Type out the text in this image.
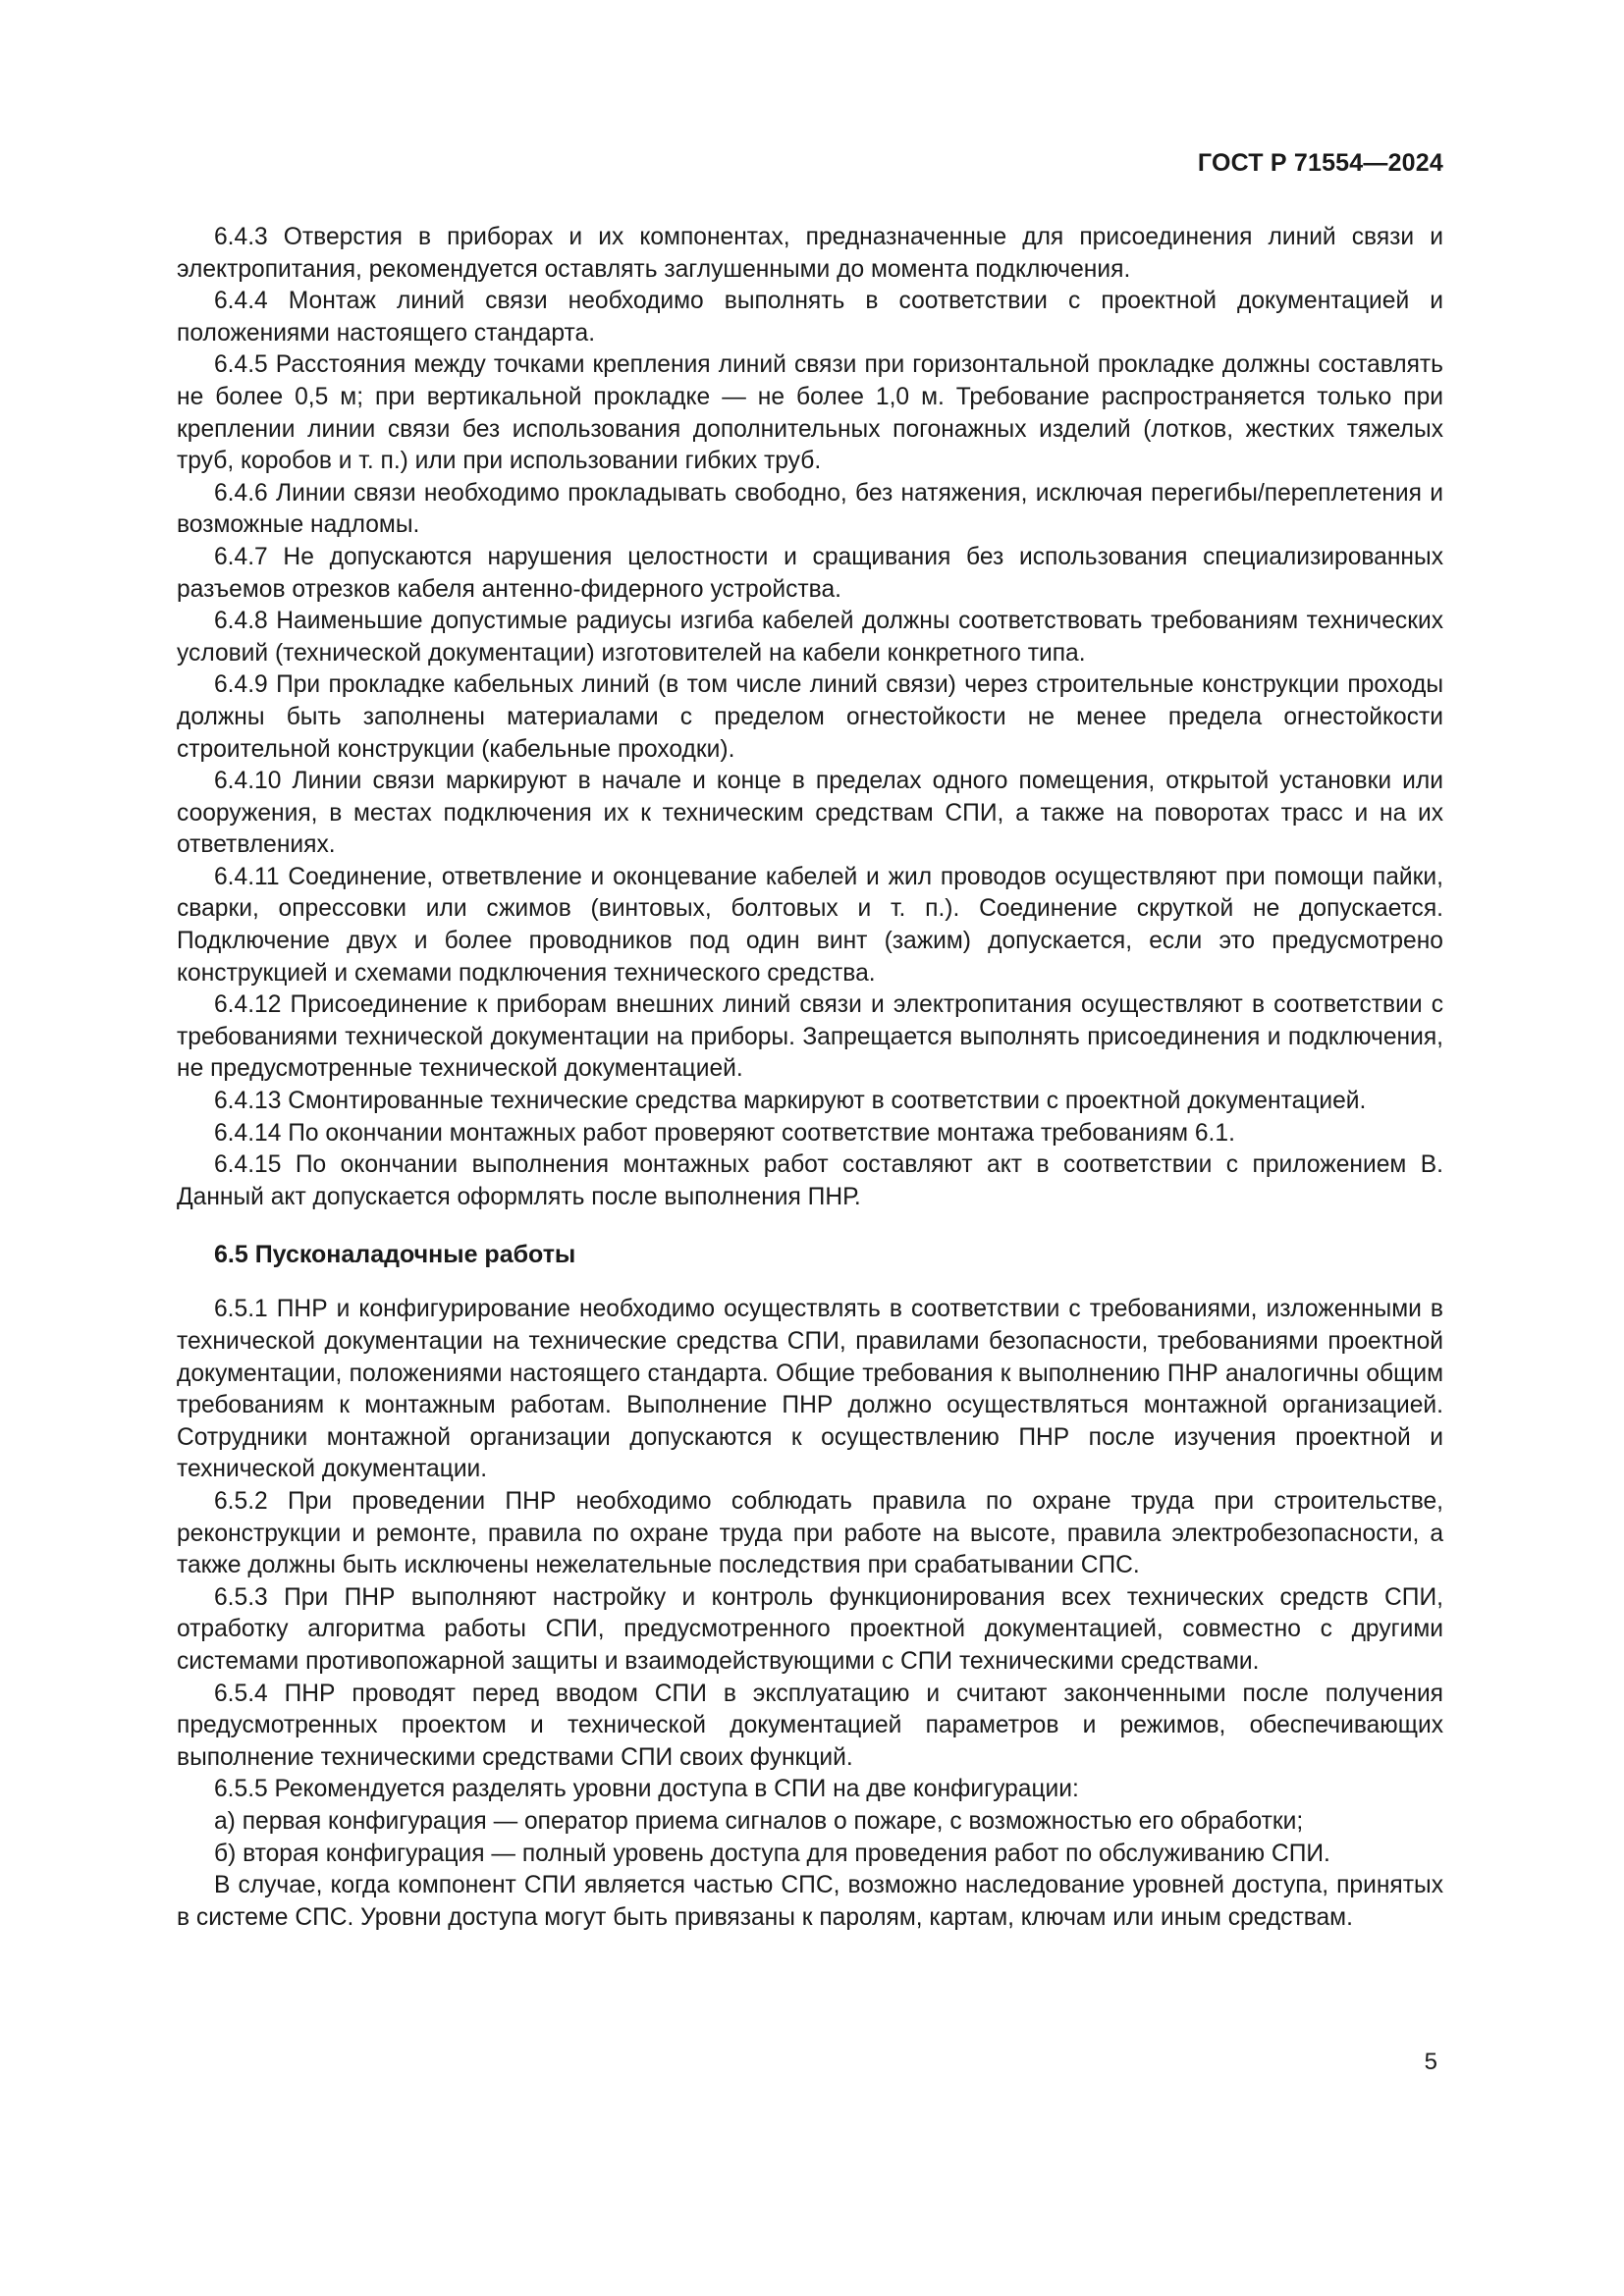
ГОСТ Р 71554—2024

6.4.3 Отверстия в приборах и их компонентах, предназначенные для присоединения линий связи и электропитания, рекомендуется оставлять заглушенными до момента подключения.

6.4.4 Монтаж линий связи необходимо выполнять в соответствии с проектной документацией и положениями настоящего стандарта.

6.4.5 Расстояния между точками крепления линий связи при горизонтальной прокладке должны составлять не более 0,5 м; при вертикальной прокладке — не более 1,0 м. Требование распространяется только при креплении линии связи без использования дополнительных погонажных изделий (лотков, жестких тяжелых труб, коробов и т. п.) или при использовании гибких труб.

6.4.6 Линии связи необходимо прокладывать свободно, без натяжения, исключая перегибы/переплетения и возможные надломы.

6.4.7 Не допускаются нарушения целостности и сращивания без использования специализированных разъемов отрезков кабеля антенно-фидерного устройства.

6.4.8 Наименьшие допустимые радиусы изгиба кабелей должны соответствовать требованиям технических условий (технической документации) изготовителей на кабели конкретного типа.

6.4.9 При прокладке кабельных линий (в том числе линий связи) через строительные конструкции проходы должны быть заполнены материалами с пределом огнестойкости не менее предела огнестойкости строительной конструкции (кабельные проходки).

6.4.10 Линии связи маркируют в начале и конце в пределах одного помещения, открытой установки или сооружения, в местах подключения их к техническим средствам СПИ, а также на поворотах трасс и на их ответвлениях.

6.4.11 Соединение, ответвление и оконцевание кабелей и жил проводов осуществляют при помощи пайки, сварки, опрессовки или сжимов (винтовых, болтовых и т. п.). Соединение скруткой не допускается. Подключение двух и более проводников под один винт (зажим) допускается, если это предусмотрено конструкцией и схемами подключения технического средства.

6.4.12 Присоединение к приборам внешних линий связи и электропитания осуществляют в соответствии с требованиями технической документации на приборы. Запрещается выполнять присоединения и подключения, не предусмотренные технической документацией.

6.4.13 Смонтированные технические средства маркируют в соответствии с проектной документацией.

6.4.14 По окончании монтажных работ проверяют соответствие монтажа требованиям 6.1.

6.4.15 По окончании выполнения монтажных работ составляют акт в соответствии с приложением В. Данный акт допускается оформлять после выполнения ПНР.

6.5 Пусконаладочные работы

6.5.1 ПНР и конфигурирование необходимо осуществлять в соответствии с требованиями, изложенными в технической документации на технические средства СПИ, правилами безопасности, требованиями проектной документации, положениями настоящего стандарта. Общие требования к выполнению ПНР аналогичны общим требованиям к монтажным работам. Выполнение ПНР должно осуществляться монтажной организацией. Сотрудники монтажной организации допускаются к осуществлению ПНР после изучения проектной и технической документации.

6.5.2 При проведении ПНР необходимо соблюдать правила по охране труда при строительстве, реконструкции и ремонте, правила по охране труда при работе на высоте, правила электробезопасности, а также должны быть исключены нежелательные последствия при срабатывании СПС.

6.5.3 При ПНР выполняют настройку и контроль функционирования всех технических средств СПИ, отработку алгоритма работы СПИ, предусмотренного проектной документацией, совместно с другими системами противопожарной защиты и взаимодействующими с СПИ техническими средствами.

6.5.4 ПНР проводят перед вводом СПИ в эксплуатацию и считают законченными после получения предусмотренных проектом и технической документацией параметров и режимов, обеспечивающих выполнение техническими средствами СПИ своих функций.

6.5.5 Рекомендуется разделять уровни доступа в СПИ на две конфигурации:

а) первая конфигурация — оператор приема сигналов о пожаре, с возможностью его обработки;

б) вторая конфигурация — полный уровень доступа для проведения работ по обслуживанию СПИ.

В случае, когда компонент СПИ является частью СПС, возможно наследование уровней доступа, принятых в системе СПС. Уровни доступа могут быть привязаны к паролям, картам, ключам или иным средствам.

5
